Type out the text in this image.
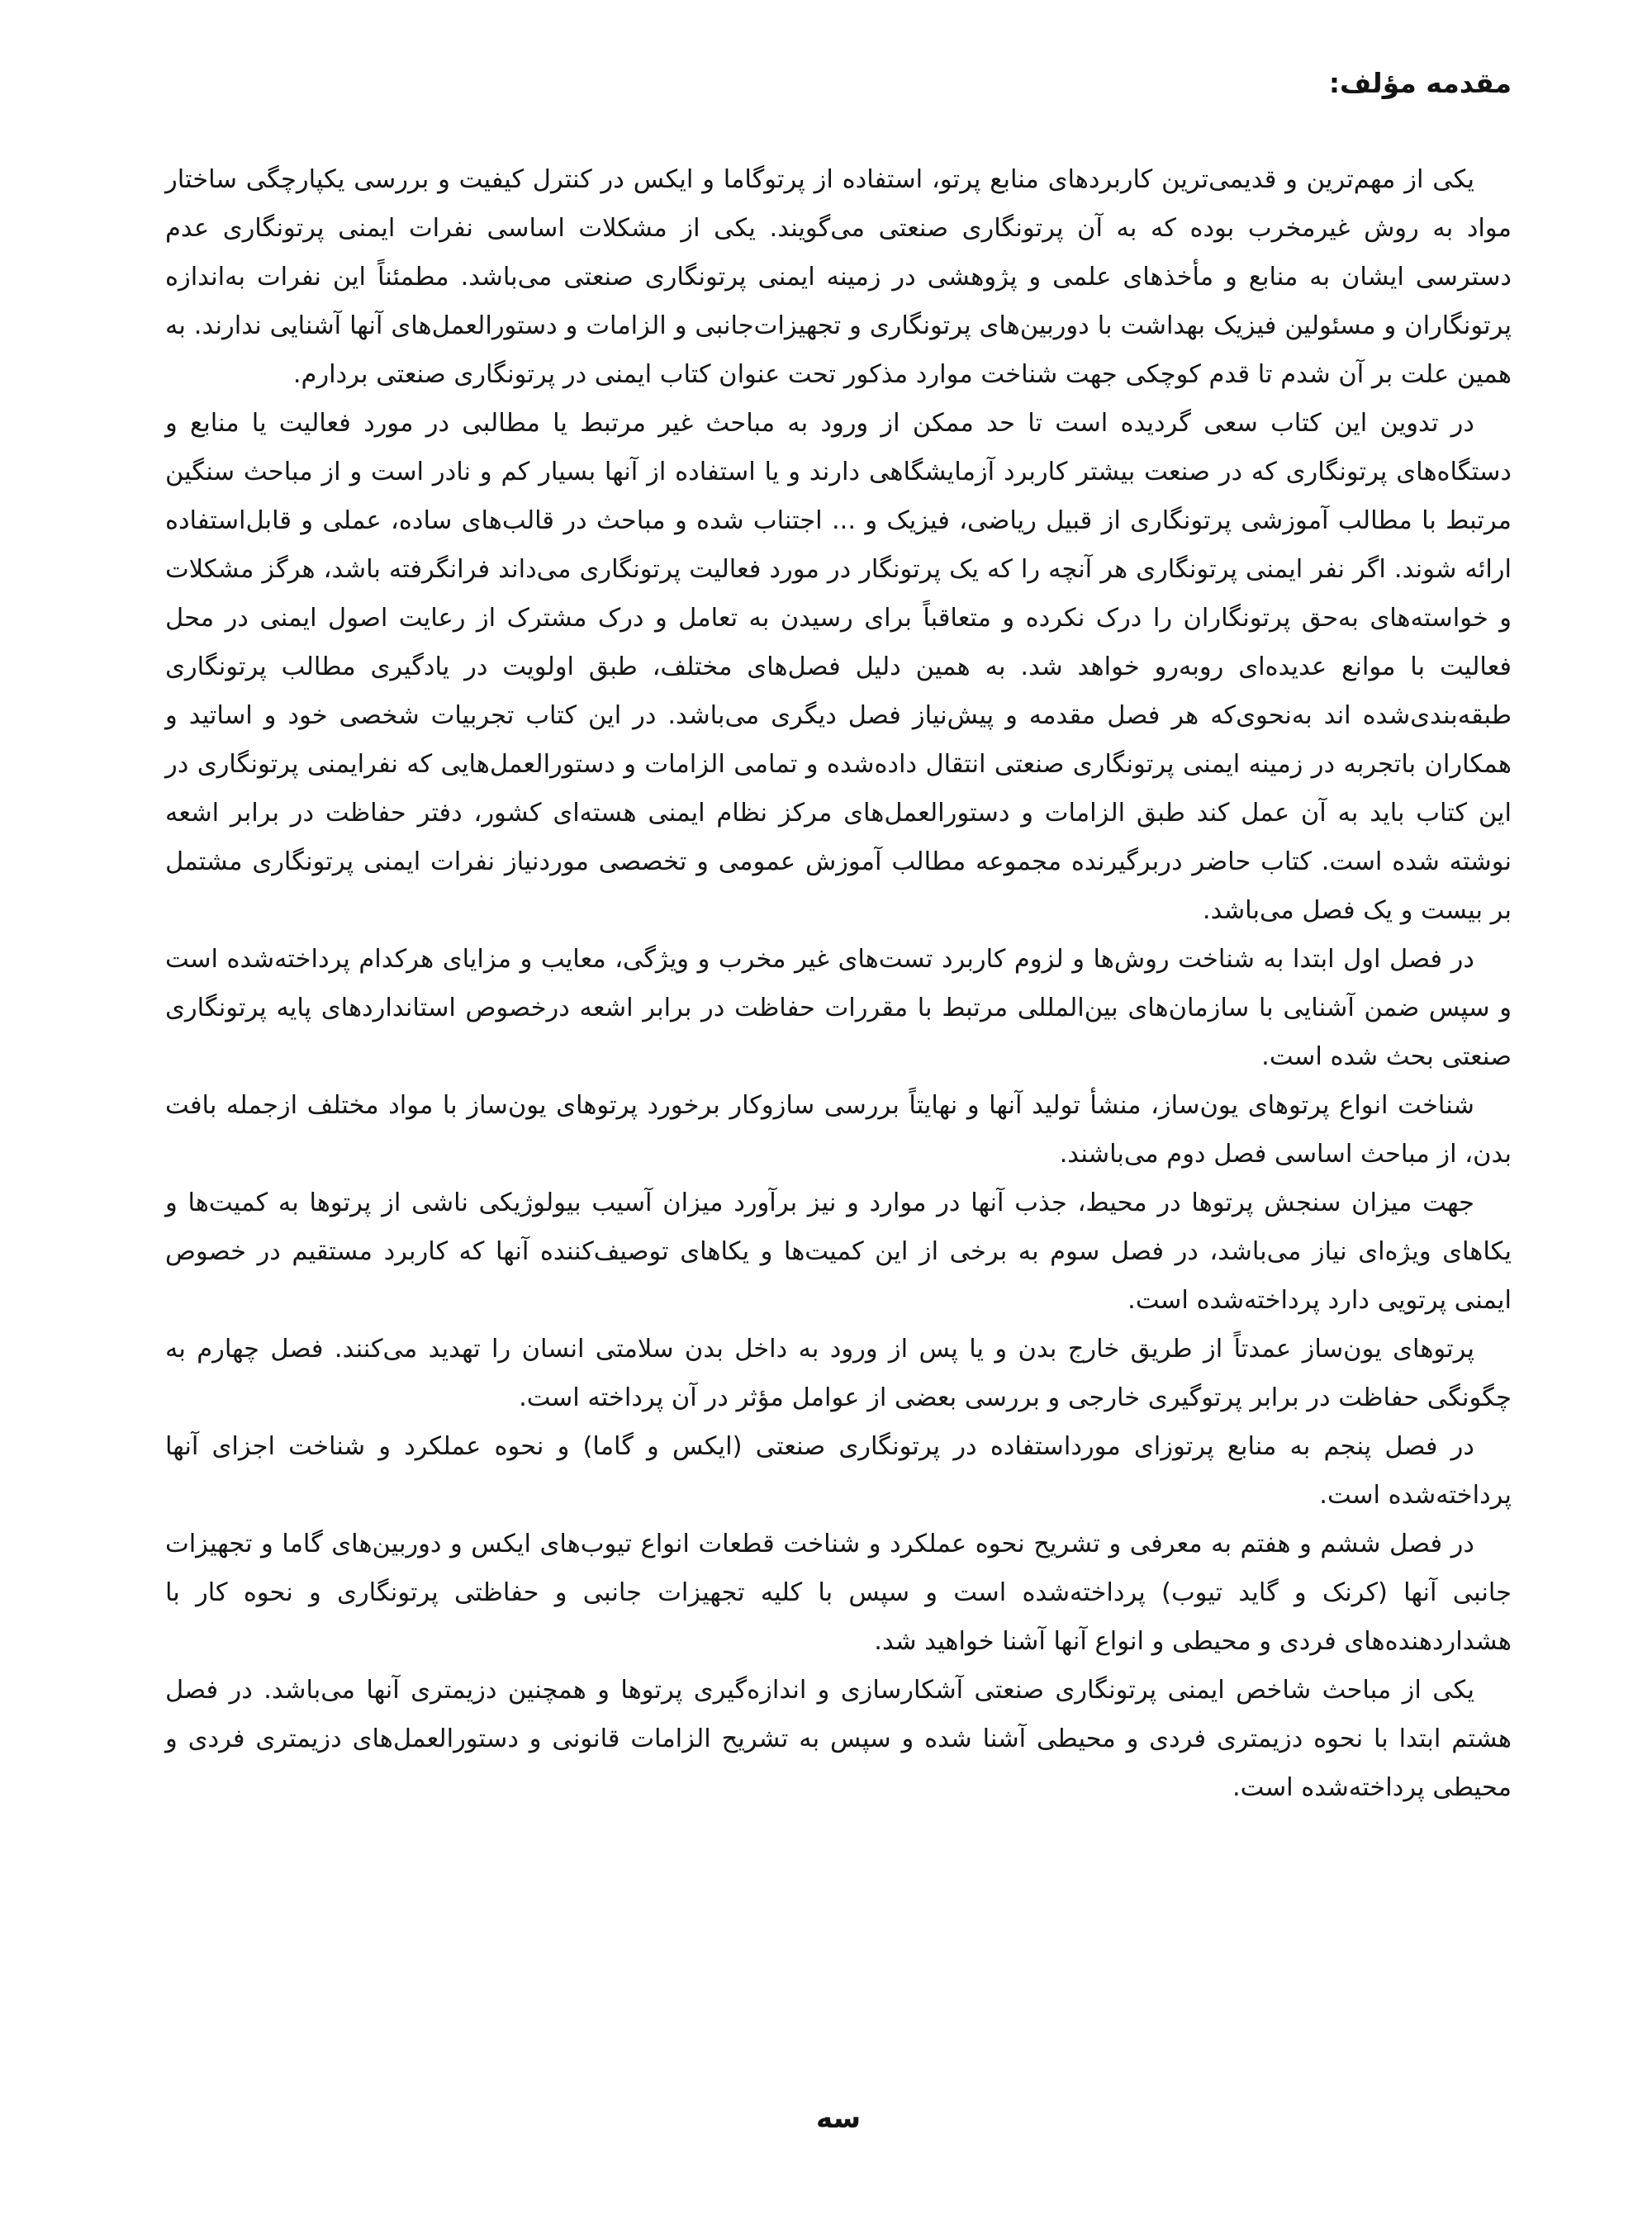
مقدمه مؤلف:

یکی از مهم‌ترین و قدیمی‌ترین کاربردهای منابع پرتو، استفاده از پرتوگاما و ایکس در کنترل کیفیت و بررسی یکپارچگی ساختار مواد به روش غیرمخرب بوده که به آن پرتونگاری صنعتی می‌گویند. یکی از مشکلات اساسی نفرات ایمنی پرتونگاری عدم دسترسی ایشان به منابع و مأخذهای علمی و پژوهشی در زمینه ایمنی پرتونگاری صنعتی می‌باشد. مطمئناً این نفرات به‌اندازه پرتونگاران و مسئولین فیزیک بهداشت با دوربین‌های پرتونگاری و تجهیزات‌جانبی و الزامات و دستورالعمل‌های آنها آشنایی ندارند. به همین علت بر آن شدم تا قدم کوچکی جهت شناخت موارد مذکور تحت عنوان کتاب ایمنی در پرتونگاری صنعتی بردارم.

در تدوین این کتاب سعی گردیده است تا حد ممکن از ورود به مباحث غیر مرتبط یا مطالبی در مورد فعالیت یا منابع و دستگاه‌های پرتونگاری که در صنعت بیشتر کاربرد آزمایشگاهی دارند و یا استفاده از آنها بسیار کم و نادر است و از مباحث سنگین مرتبط با مطالب آموزشی پرتونگاری از قبیل ریاضی، فیزیک و ... اجتناب شده و مباحث در قالب‌های ساده، عملی و قابل‌استفاده ارائه شوند. اگر نفر ایمنی پرتونگاری هر آنچه را که یک پرتونگار در مورد فعالیت پرتونگاری می‌داند فرانگرفته باشد، هرگز مشکلات و خواسته‌های به‌حق پرتونگاران را درک نکرده و متعاقباً برای رسیدن به تعامل و درک مشترک از رعایت اصول ایمنی در محل فعالیت با موانع عدیده‌ای روبه‌رو خواهد شد. به همین دلیل فصل‌های مختلف، طبق اولویت در یادگیری مطالب پرتونگاری طبقه‌بندی‌شده اند به‌نحوی‌که هر فصل مقدمه و پیش‌نیاز فصل دیگری می‌باشد. در این کتاب تجربیات شخصی خود و اساتید و همکاران باتجربه در زمینه ایمنی پرتونگاری صنعتی انتقال داده‌شده و تمامی الزامات و دستورالعمل‌هایی که نفرایمنی پرتونگاری در این کتاب باید به آن عمل کند طبق الزامات و دستورالعمل‌های مرکز نظام ایمنی هسته‌ای کشور، دفتر حفاظت در برابر اشعه نوشته شده است. کتاب حاضر دربرگیرنده مجموعه مطالب آموزش عمومی و تخصصی موردنیاز نفرات ایمنی پرتونگاری مشتمل بر بیست و یک فصل می‌باشد.

در فصل اول ابتدا به شناخت روش‌ها و لزوم کاربرد تست‌های غیر مخرب و ویژگی، معایب و مزایای هرکدام پرداخته‌شده است و سپس ضمن آشنایی با سازمان‌های بین‌المللی مرتبط با مقررات حفاظت در برابر اشعه درخصوص استانداردهای پایه پرتونگاری صنعتی بحث شده است.

شناخت انواع پرتوهای یون‌ساز، منشأ تولید آنها و نهایتاً بررسی سازوکار برخورد پرتوهای یون‌ساز با مواد مختلف ازجمله بافت بدن، از مباحث اساسی فصل دوم می‌باشند.

جهت میزان سنجش پرتوها در محیط، جذب آنها در موارد و نیز برآورد میزان آسیب بیولوژیکی ناشی از پرتوها به کمیت‌ها و یکاهای ویژه‌ای نیاز می‌باشد، در فصل سوم به برخی از این کمیت‌ها و یکاهای توصیف‌کننده آنها که کاربرد مستقیم در خصوص ایمنی پرتویی دارد پرداخته‌شده است.

پرتوهای یون‌ساز عمدتاً از طریق خارج بدن و یا پس از ورود به داخل بدن سلامتی انسان را تهدید می‌کنند. فصل چهارم به چگونگی حفاظت در برابر پرتوگیری خارجی و بررسی بعضی از عوامل مؤثر در آن پرداخته است.

در فصل پنجم به منابع پرتوزای مورداستفاده در پرتونگاری صنعتی (ایکس و گاما) و نحوه عملکرد و شناخت اجزای آنها پرداخته‌شده است.

در فصل ششم و هفتم به معرفی و تشریح نحوه عملکرد و شناخت قطعات انواع تیوب‌های ایکس و دوربین‌های گاما و تجهیزات جانبی آنها (کرنک و گاید تیوب) پرداخته‌شده است و سپس با کلیه تجهیزات جانبی و حفاظتی پرتونگاری و نحوه کار با هشداردهنده‌های فردی و محیطی و انواع آنها آشنا خواهید شد.

یکی از مباحث شاخص ایمنی پرتونگاری صنعتی آشکارسازی و اندازه‌گیری پرتوها و همچنین دزیمتری آنها می‌باشد. در فصل هشتم ابتدا با نحوه دزیمتری فردی و محیطی آشنا شده و سپس به تشریح الزامات قانونی و دستورالعمل‌های دزیمتری فردی و محیطی پرداخته‌شده است.

سه
